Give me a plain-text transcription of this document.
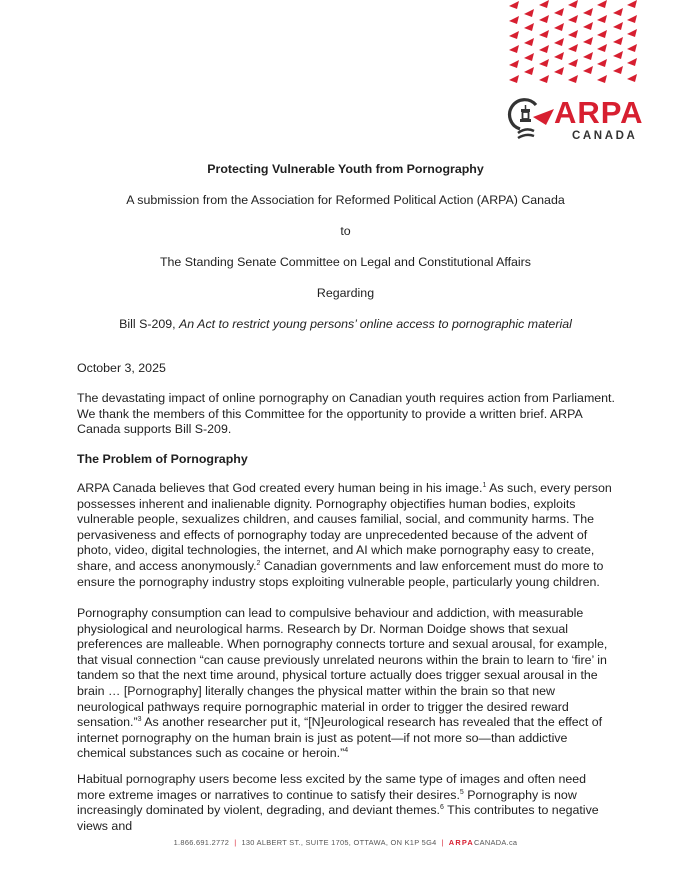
ARPA
CANADA
Protecting Vulnerable Youth from Pornography
A submission from the Association for Reformed Political Action (ARPA) Canada
to
The Standing Senate Committee on Legal and Constitutional Affairs
Regarding
Bill S-209, An Act to restrict young persons’ online access to pornographic material
October 3, 2025
The devastating impact of online pornography on Canadian youth requires action from Parliament. We thank the members of this Committee for the opportunity to provide a written brief. ARPA Canada supports Bill S-209.
The Problem of Pornography
ARPA Canada believes that God created every human being in his image.$^1$ As such, every person possesses inherent and inalienable dignity. Pornography objectifies human bodies, exploits vulnerable people, sexualizes children, and causes familial, social, and community harms. The pervasiveness and effects of pornography today are unprecedented because of the advent of photo, video, digital technologies, the internet, and AI which make pornography easy to create, share, and access anonymously.$^2$ Canadian governments and law enforcement must do more to ensure the pornography industry stops exploiting vulnerable people, particularly young children.
Pornography consumption can lead to compulsive behaviour and addiction, with measurable physiological and neurological harms. Research by Dr. Norman Doidge shows that sexual preferences are malleable. When pornography connects torture and sexual arousal, for example, that visual connection “can cause previously unrelated neurons within the brain to learn to ‘fire’ in tandem so that the next time around, physical torture actually does trigger sexual arousal in the brain … [Pornography] literally changes the physical matter within the brain so that new neurological pathways require pornographic material in order to trigger the desired reward sensation.”$^3$ As another researcher put it, “[N]eurological research has revealed that the effect of internet pornography on the human brain is just as potent—if not more so—than addictive chemical substances such as cocaine or heroin.”$^4$
Habitual pornography users become less excited by the same type of images and often need more extreme images or narratives to continue to satisfy their desires.$^5$ Pornography is now increasingly dominated by violent, degrading, and deviant themes.$^6$ This contributes to negative views and
1.866.691.2772 | 130 ALBERT ST., SUITE 1705, OTTAWA, ON K1P 5G4 | ARPACANADA.ca
